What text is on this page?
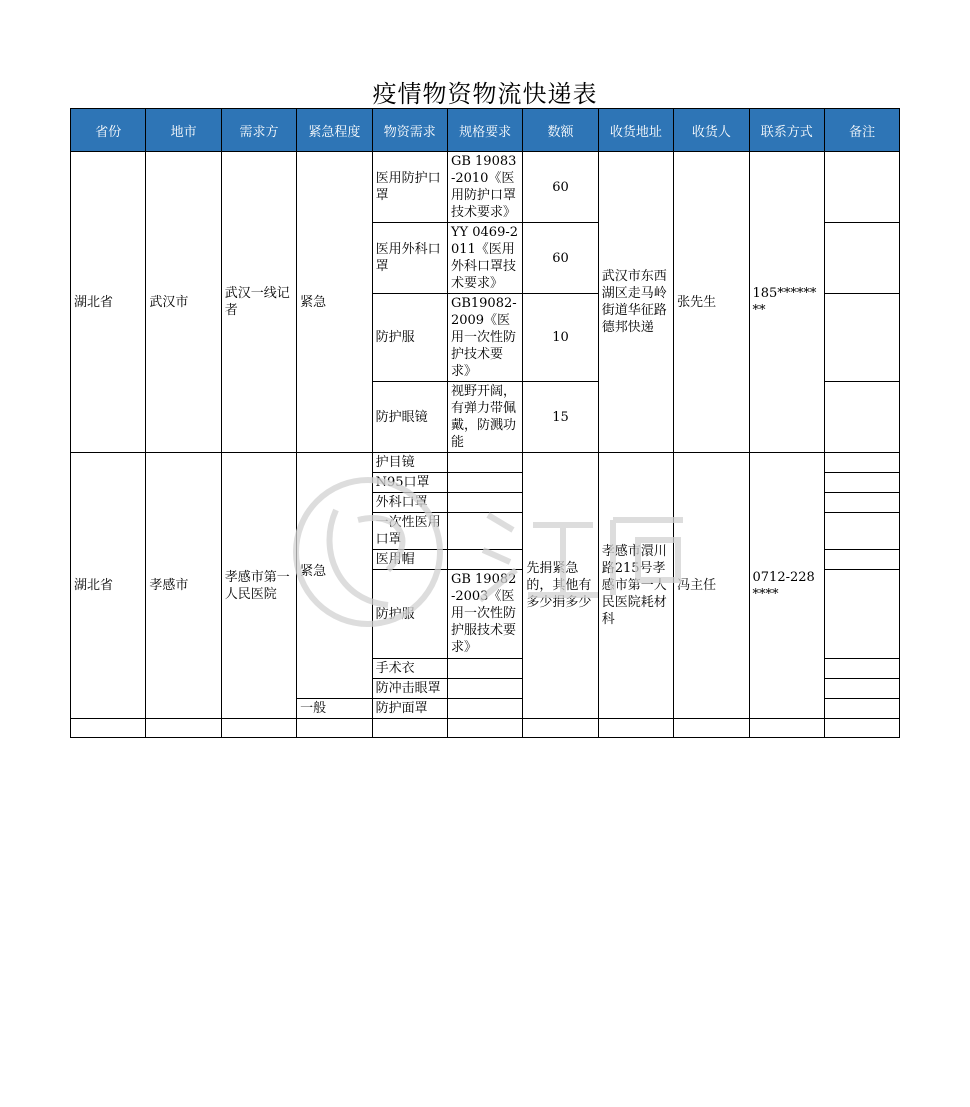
疫情物资物流快递表
省份	地市	需求方	紧急程度	物资需求	规格要求	数额	收货地址	收货人	联系方式	备注
湖北省	武汉市	武汉一线记者	紧急	医用防护口罩	GB 19083-2010《医用防护口罩技术要求》	60	武汉市东西湖区走马岭街道华征路德邦快递	张先生	185********	
				医用外科口罩	YY 0469-2011《医用外科口罩技术要求》	60				
				防护服	GB19082-2009《医用一次性防护技术要求》	10				
				防护眼镜	视野开阔，有弹力带佩戴，防溅功能	15				
湖北省	孝感市	孝感市第一人民医院	紧急	护目镜		先捐紧急的，其他有多少捐多少	孝感市澴川路215号孝感市第一人民医院耗材科	冯主任	0712-228****	
				N95口罩						
				外科口罩						
				一次性医用口罩						
				医用帽						
				防护服	GB 19082-2003《医用一次性防护服技术要求》					
				手术衣						
				防冲击眼罩						
			一般	防护面罩						
